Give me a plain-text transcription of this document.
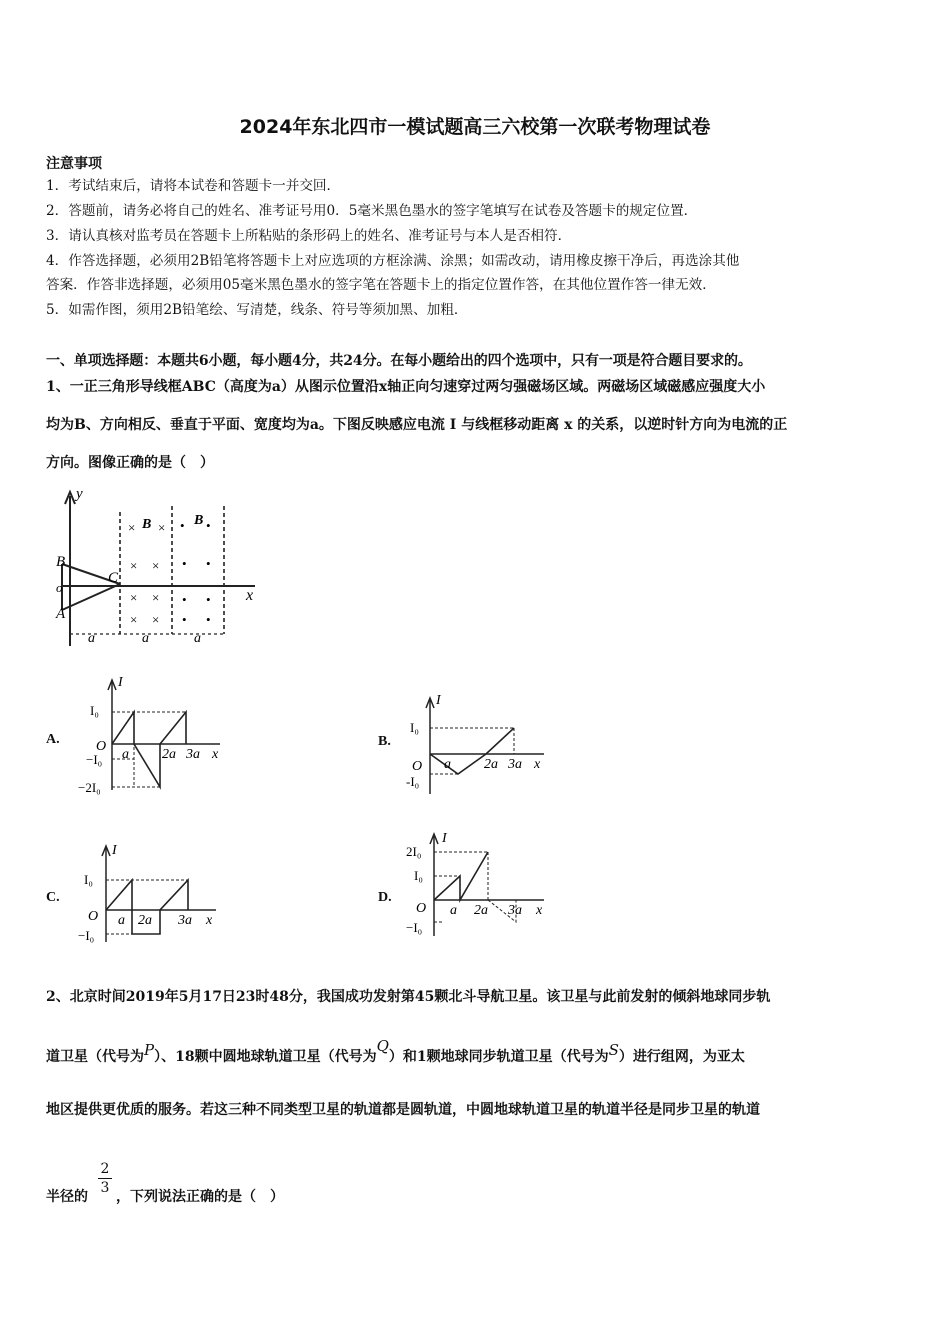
2024年东北四市一模试题高三六校第一次联考物理试卷
注意事项
1．考试结束后，请将本试卷和答题卡一并交回．
2．答题前，请务必将自己的姓名、准考证号用0．5毫米黑色墨水的签字笔填写在试卷及答题卡的规定位置．
3．请认真核对监考员在答题卡上所粘贴的条形码上的姓名、准考证号与本人是否相符．
4．作答选择题，必须用2B铅笔将答题卡上对应选项的方框涂满、涂黑；如需改动，请用橡皮擦干净后，再选涂其他
答案．作答非选择题，必须用05毫米黑色墨水的签字笔在答题卡上的指定位置作答，在其他位置作答一律无效．
5．如需作图，须用2B铅笔绘、写清楚，线条、符号等须加黑、加粗．
一、单项选择题：本题共6小题，每小题4分，共24分。在每小题给出的四个选项中，只有一项是符合题目要求的。
1、一正三角形导线框ABC（高度为a）从图示位置沿x轴正向匀速穿过两匀强磁场区域。两磁场区域磁感应强度大小
均为B、方向相反、垂直于平面、宽度均为a。下图反映感应电流 I 与线框移动距离 x 的关系，以逆时针方向为电流的正
方向。图像正确的是（　）
y
x
o
B
A
C
B	B
a	a	a
× ×
× ×
× ×
× ×
• •
• •
• •
• •
A.
I
I₀
O
−I₀
−2I₀
a 2a 3a x
B.
I
I₀
O
-I₀
a 2a 3a x
C.
I
I₀
O
−I₀
a 2a 3a x
D.
I
2I₀
I₀
O
−I₀
a 2a 3a x
2、北京时间2019年5月17日23时48分，我国成功发射第45颗北斗导航卫星。该卫星与此前发射的倾斜地球同步轨
道卫星（代号为P）、18颗中圆地球轨道卫星（代号为Q）和1颗地球同步轨道卫星（代号为S）进行组网，为亚太
地区提供更优质的服务。若这三种不同类型卫星的轨道都是圆轨道，中圆地球轨道卫星的轨道半径是同步卫星的轨道
半径的 $\frac{2}{3}$ ，下列说法正确的是（　）
